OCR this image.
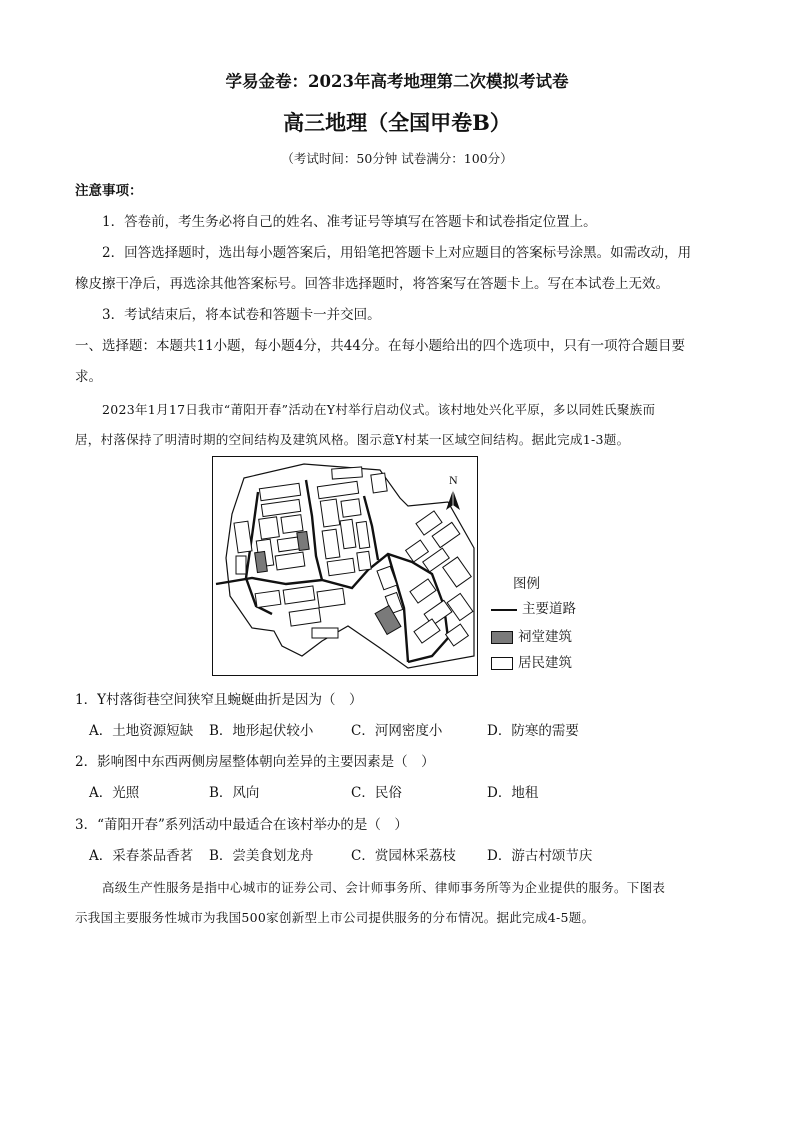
学易金卷：2023年高考地理第二次模拟考试卷
高三地理（全国甲卷B）
（考试时间：50分钟 试卷满分：100分）
注意事项：
1．答卷前，考生务必将自己的姓名、准考证号等填写在答题卡和试卷指定位置上。
2．回答选择题时，选出每小题答案后，用铅笔把答题卡上对应题目的答案标号涂黑。如需改动，用
橡皮擦干净后，再选涂其他答案标号。回答非选择题时，将答案写在答题卡上。写在本试卷上无效。
3．考试结束后，将本试卷和答题卡一并交回。
一、选择题：本题共11小题，每小题4分，共44分。在每小题给出的四个选项中，只有一项符合题目要
求。
2023年1月17日我市“莆阳开春”活动在Y村举行启动仪式。该村地处兴化平原，多以同姓氏聚族而
居，村落保持了明清时期的空间结构及建筑风格。图示意Y村某一区域空间结构。据此完成1-3题。
N
图例
主要道路
祠堂建筑
居民建筑
1．Y村落街巷空间狭窄且蜿蜒曲折是因为（　）
A．土地资源短缺 B．地形起伏较小	C．河网密度小	D．防寒的需要
2．影响图中东西两侧房屋整体朝向差异的主要因素是（　）
A．光照	B．风向	C．民俗	D．地租
3．“莆阳开春”系列活动中最适合在该村举办的是（　）
A．采春茶品香茗 B．尝美食划龙舟	C．赏园林采荔枝 D．游古村颂节庆
高级生产性服务是指中心城市的证券公司、会计师事务所、律师事务所等为企业提供的服务。下图表
示我国主要服务性城市为我国500家创新型上市公司提供服务的分布情况。据此完成4-5题。
